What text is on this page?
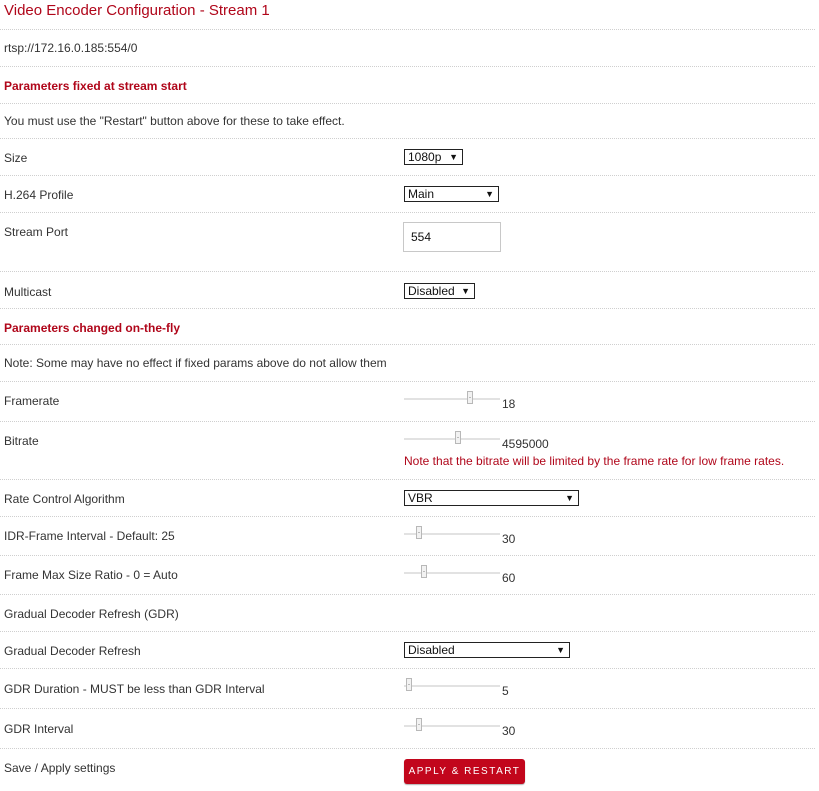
Video Encoder Configuration - Stream 1
rtsp://172.16.0.185:554/0
Parameters fixed at stream start
You must use the "Restart" button above for these to take effect.
Size	1080p ▼
H.264 Profile	Main	▼
Stream Port	554
Multicast	Disabled ▼
Parameters changed on-the-fly
Note: Some may have no effect if fixed params above do not allow them
Framerate	18
Bitrate	4595000
Note that the bitrate will be limited by the frame rate for low frame rates.
Rate Control Algorithm	VBR	▼
IDR-Frame Interval - Default: 25	30
Frame Max Size Ratio - 0 = Auto	60
Gradual Decoder Refresh (GDR)
Gradual Decoder Refresh	Disabled	▼
GDR Duration - MUST be less than GDR Interval	5
GDR Interval	30
Save / Apply settings	APPLY & RESTART
